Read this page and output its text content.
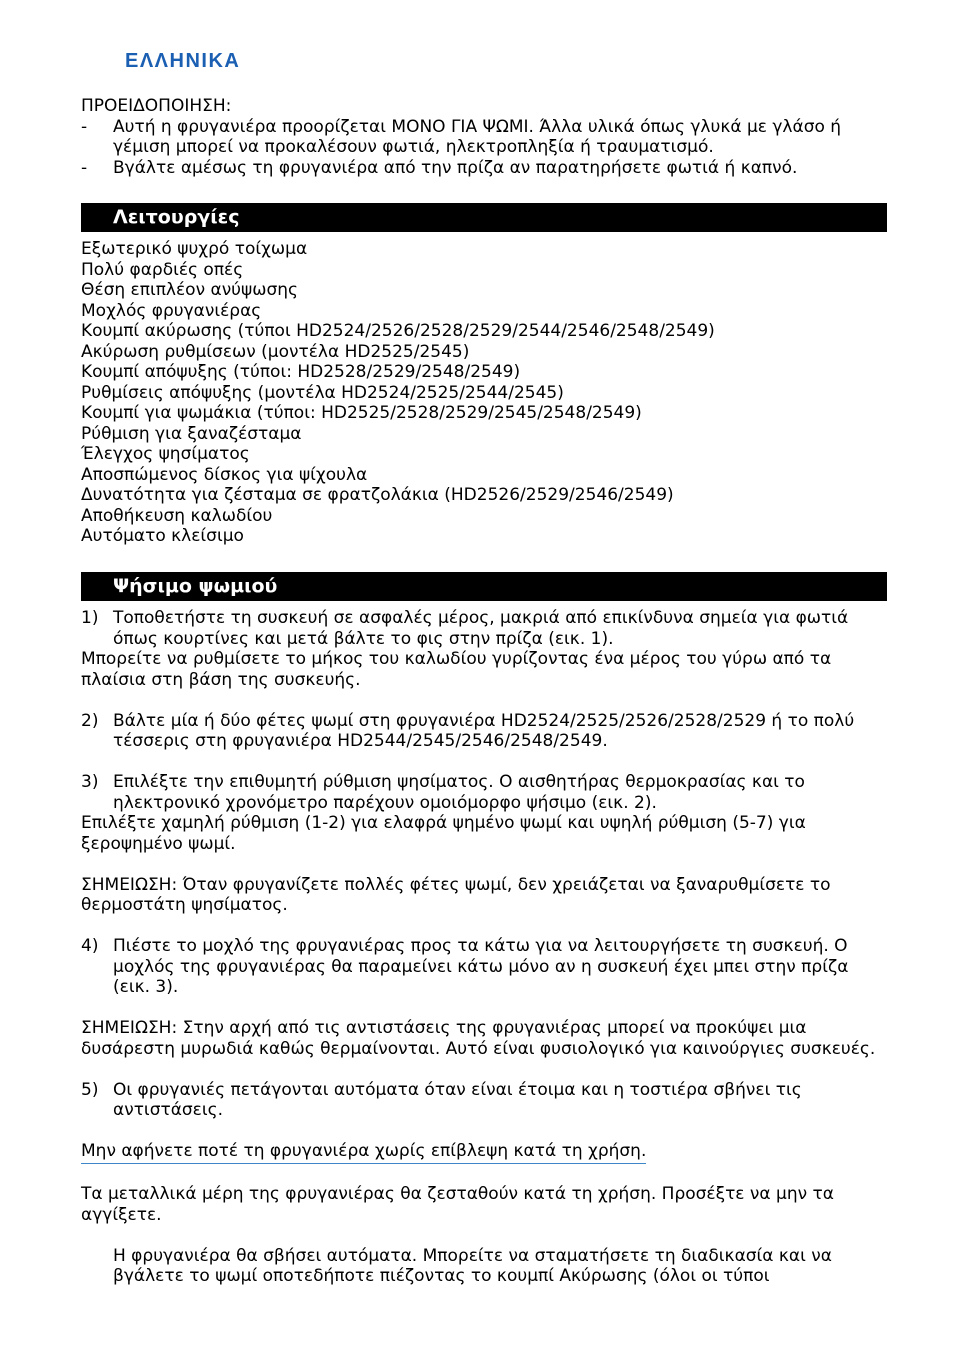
ΕΛΛΗΝΙΚΑ
ΠΡΟΕΙΔΟΠΟΙΗΣΗ:
-	Αυτή η φρυγανιέρα προορίζεται ΜΟΝΟ ΓΙΑ ΨΩΜΙ. Άλλα υλικά όπως γλυκά με γλάσο ή γέμιση μπορεί να προκαλέσουν φωτιά, ηλεκτροπληξία ή τραυματισμό.
-	Βγάλτε αμέσως τη φρυγανιέρα από την πρίζα αν παρατηρήσετε φωτιά ή καπνό.
Λειτουργίες
Εξωτερικό ψυχρό τοίχωμα
Πολύ φαρδιές οπές
Θέση επιπλέον ανύψωσης
Μοχλός φρυγανιέρας
Κουμπί ακύρωσης (τύποι HD2524/2526/2528/2529/2544/2546/2548/2549)
Ακύρωση ρυθμίσεων (μοντέλα HD2525/2545)
Κουμπί απόψυξης (τύποι: HD2528/2529/2548/2549)
Ρυθμίσεις απόψυξης (μοντέλα HD2524/2525/2544/2545)
Κουμπί για ψωμάκια (τύποι: HD2525/2528/2529/2545/2548/2549)
Ρύθμιση για ξαναζέσταμα
Έλεγχος ψησίματος
Αποσπώμενος δίσκος για ψίχουλα
Δυνατότητα για ζέσταμα σε φρατζολάκια (HD2526/2529/2546/2549)
Αποθήκευση καλωδίου
Αυτόματο κλείσιμο
Ψήσιμο ψωμιού
1) Τοποθετήστε τη συσκευή σε ασφαλές μέρος, μακριά από επικίνδυνα σημεία για φωτιά όπως κουρτίνες και μετά βάλτε το φις στην πρίζα (εικ. 1).
Μπορείτε να ρυθμίσετε το μήκος του καλωδίου γυρίζοντας ένα μέρος του γύρω από τα πλαίσια στη βάση της συσκευής.
2) Βάλτε μία ή δύο φέτες ψωμί στη φρυγανιέρα HD2524/2525/2526/2528/2529 ή το πολύ τέσσερις στη φρυγανιέρα HD2544/2545/2546/2548/2549.
3) Επιλέξτε την επιθυμητή ρύθμιση ψησίματος. Ο αισθητήρας θερμοκρασίας και το ηλεκτρονικό χρονόμετρο παρέχουν ομοιόμορφο ψήσιμο (εικ. 2).
Επιλέξτε χαμηλή ρύθμιση (1-2) για ελαφρά ψημένο ψωμί και υψηλή ρύθμιση (5-7) για ξεροψημένο ψωμί.
ΣΗΜΕΙΩΣΗ: Όταν φρυγανίζετε πολλές φέτες ψωμί, δεν χρειάζεται να ξαναρυθμίσετε το θερμοστάτη ψησίματος.
4) Πιέστε το μοχλό της φρυγανιέρας προς τα κάτω για να λειτουργήσετε τη συσκευή. Ο μοχλός της φρυγανιέρας θα παραμείνει κάτω μόνο αν η συσκευή έχει μπει στην πρίζα (εικ. 3).
ΣΗΜΕΙΩΣΗ: Στην αρχή από τις αντιστάσεις της φρυγανιέρας μπορεί να προκύψει μια δυσάρεστη μυρωδιά καθώς θερμαίνονται. Αυτό είναι φυσιολογικό για καινούργιες συσκευές.
5) Οι φρυγανιές πετάγονται αυτόματα όταν είναι έτοιμα και η τοστιέρα σβήνει τις αντιστάσεις.
Μην αφήνετε ποτέ τη φρυγανιέρα χωρίς επίβλεψη κατά τη χρήση.
Τα μεταλλικά μέρη της φρυγανιέρας θα ζεσταθούν κατά τη χρήση. Προσέξτε να μην τα αγγίξετε.
Η φρυγανιέρα θα σβήσει αυτόματα. Μπορείτε να σταματήσετε τη διαδικασία και να βγάλετε το ψωμί οποτεδήποτε πιέζοντας το κουμπί Ακύρωσης (όλοι οι τύποι
